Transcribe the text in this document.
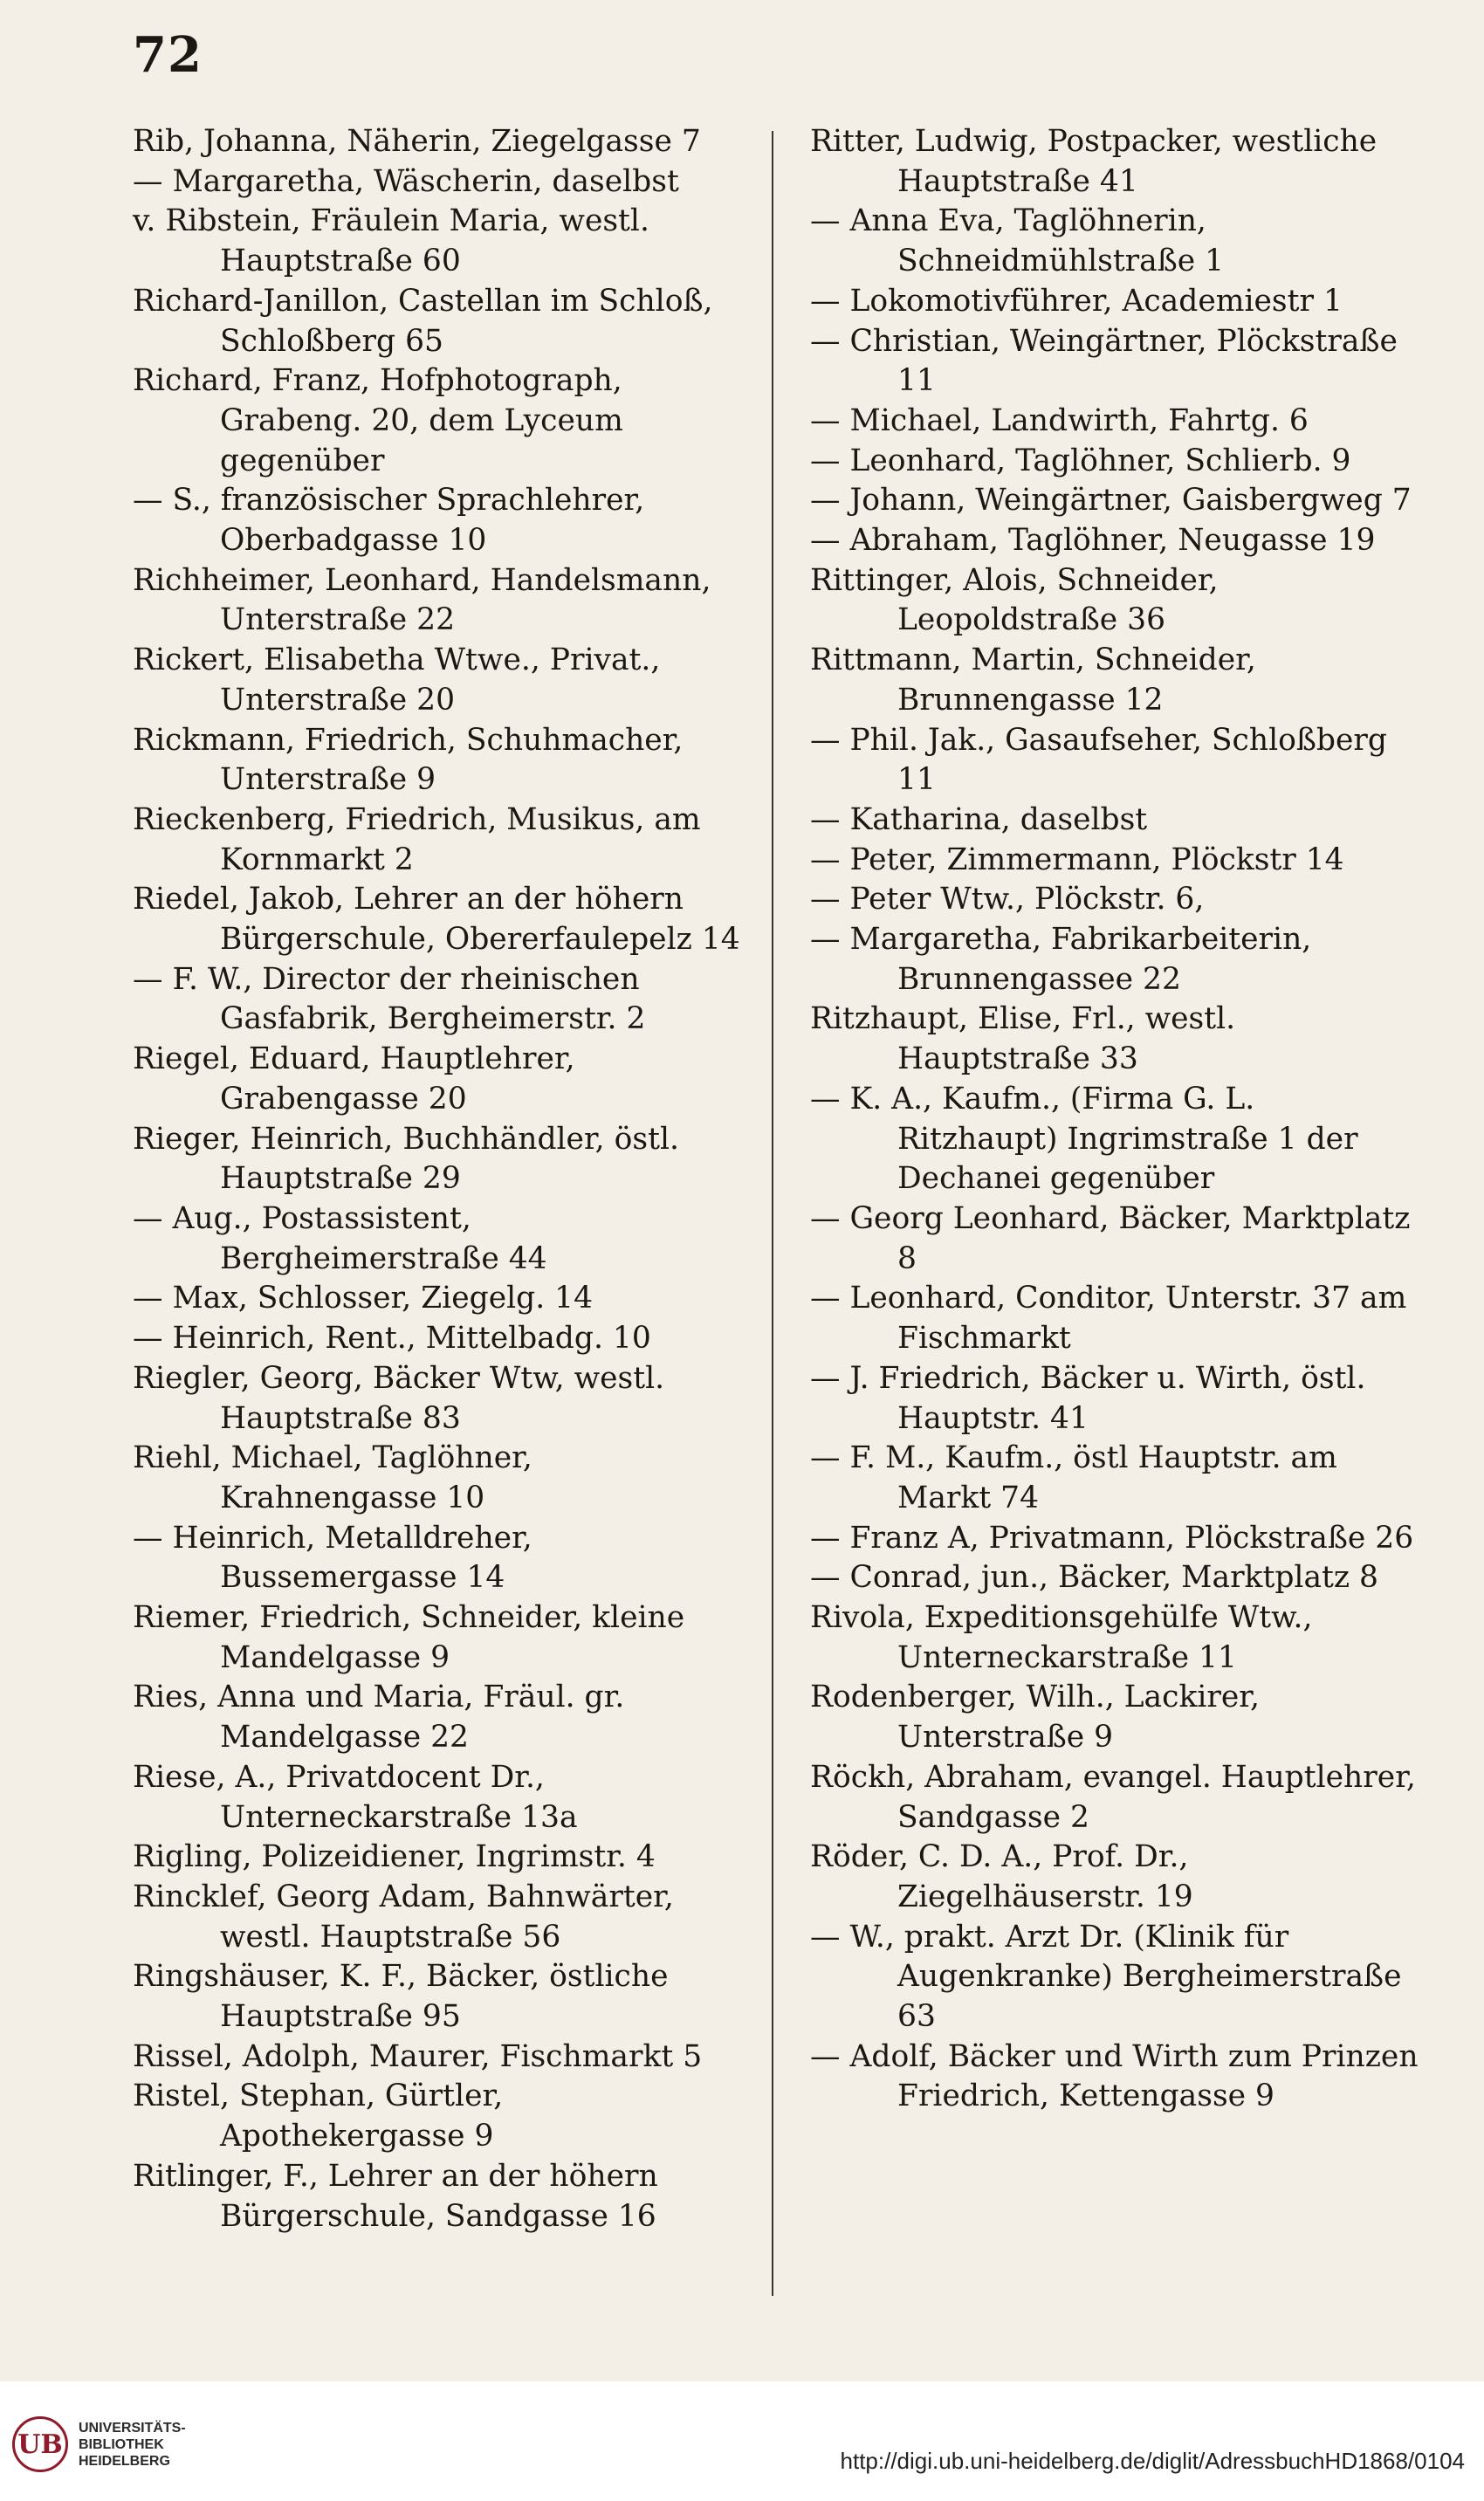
72

Rib, Johanna, Näherin, Ziegelgasse 7

— Margaretha, Wäscherin, daselbst

v. Ribstein, Fräulein Maria, westl. Hauptstraße 60

Richard-Janillon, Castellan im Schloß, Schloßberg 65

Richard, Franz, Hofphotograph, Grabeng. 20, dem Lyceum gegenüber

— S., französischer Sprachlehrer, Oberbadgasse 10

Richheimer, Leonhard, Handelsmann, Unterstraße 22

Rickert, Elisabetha Wtwe., Privat., Unterstraße 20

Rickmann, Friedrich, Schuhmacher, Unterstraße 9

Rieckenberg, Friedrich, Musikus, am Kornmarkt 2

Riedel, Jakob, Lehrer an der höhern Bürgerschule, Obererfaulepelz 14

— F. W., Director der rheinischen Gasfabrik, Bergheimerstr. 2

Riegel, Eduard, Hauptlehrer, Grabengasse 20

Rieger, Heinrich, Buchhändler, östl. Hauptstraße 29

— Aug., Postassistent, Bergheimerstraße 44

— Max, Schlosser, Ziegelg. 14

— Heinrich, Rent., Mittelbadg. 10

Riegler, Georg, Bäcker Wtw, westl. Hauptstraße 83

Riehl, Michael, Taglöhner, Krahnengasse 10

— Heinrich, Metalldreher, Bussemergasse 14

Riemer, Friedrich, Schneider, kleine Mandelgasse 9

Ries, Anna und Maria, Fräul. gr. Mandelgasse 22

Riese, A., Privatdocent Dr., Unterneckarstraße 13a

Rigling, Polizeidiener, Ingrimstr. 4

Rincklef, Georg Adam, Bahnwärter, westl. Hauptstraße 56

Ringshäuser, K. F., Bäcker, östliche Hauptstraße 95

Rissel, Adolph, Maurer, Fischmarkt 5

Ristel, Stephan, Gürtler, Apothekergasse 9

Ritlinger, F., Lehrer an der höhern Bürgerschule, Sandgasse 16

Ritter, Ludwig, Postpacker, westliche Hauptstraße 41

— Anna Eva, Taglöhnerin, Schneidmühlstraße 1

— Lokomotivführer, Academiestr 1

— Christian, Weingärtner, Plöckstraße 11

— Michael, Landwirth, Fahrtg. 6

— Leonhard, Taglöhner, Schlierb. 9

— Johann, Weingärtner, Gaisbergweg 7

— Abraham, Taglöhner, Neugasse 19

Rittinger, Alois, Schneider, Leopoldstraße 36

Rittmann, Martin, Schneider, Brunnengasse 12

— Phil. Jak., Gasaufseher, Schloßberg 11

— Katharina, daselbst

— Peter, Zimmermann, Plöckstr 14

— Peter Wtw., Plöckstr. 6,

— Margaretha, Fabrikarbeiterin, Brunnengassee 22

Ritzhaupt, Elise, Frl., westl. Hauptstraße 33

— K. A., Kaufm., (Firma G. L. Ritzhaupt) Ingrimstraße 1 der Dechanei gegenüber

— Georg Leonhard, Bäcker, Marktplatz 8

— Leonhard, Conditor, Unterstr. 37 am Fischmarkt

— J. Friedrich, Bäcker u. Wirth, östl. Hauptstr. 41

— F. M., Kaufm., östl Hauptstr. am Markt 74

— Franz A, Privatmann, Plöckstraße 26

— Conrad, jun., Bäcker, Marktplatz 8

Rivola, Expeditionsgehülfe Wtw., Unterneckarstraße 11

Rodenberger, Wilh., Lackirer, Unterstraße 9

Röckh, Abraham, evangel. Hauptlehrer, Sandgasse 2

Röder, C. D. A., Prof. Dr., Ziegelhäuserstr. 19

— W., prakt. Arzt Dr. (Klinik für Augenkranke) Bergheimerstraße 63

— Adolf, Bäcker und Wirth zum Prinzen Friedrich, Kettengasse 9

UB
UNIVERSITÄTS-
BIBLIOTHEK
HEIDELBERG	http://digi.ub.uni-heidelberg.de/diglit/AdressbuchHD1868/0104
